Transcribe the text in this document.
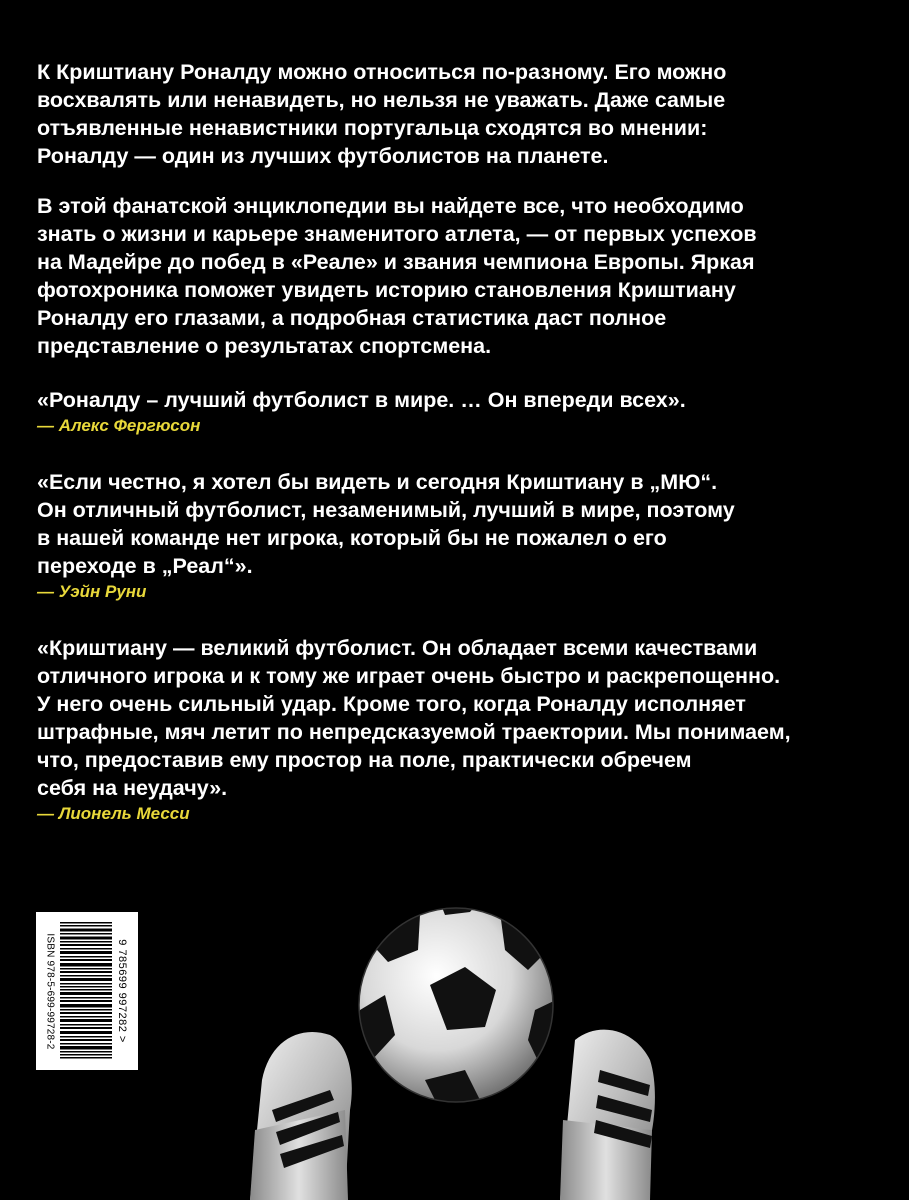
К Криштиану Роналду можно относиться по-разному. Его можно
восхвалять или ненавидеть, но нельзя не уважать. Даже самые
отъявленные ненавистники португальца сходятся во мнении:
Роналду — один из лучших футболистов на планете.

В этой фанатской энциклопедии вы найдете все, что необходимо
знать о жизни и карьере знаменитого атлета, — от первых успехов
на Мадейре до побед в «Реале» и звания чемпиона Европы. Яркая
фотохроника поможет увидеть историю становления Криштиану
Роналду его глазами, а подробная статистика даст полное
представление о результатах спортсмена.

«Роналду – лучший футболист в мире. … Он впереди всех».
— Алекс Фергюсон
«Если честно, я хотел бы видеть и сегодня Криштиану в „МЮ“.
Он отличный футболист, незаменимый, лучший в мире, поэтому
в нашей команде нет игрока, который бы не пожалел о его
переходе в „Реал“».
— Уэйн Руни
«Криштиану — великий футболист. Он обладает всеми качествами
отличного игрока и к тому же играет очень быстро и раскрепощенно.
У него очень сильный удар. Кроме того, когда Роналду исполняет
штрафные, мяч летит по непредсказуемой траектории. Мы понимаем,
что, предоставив ему простор на поле, практически обречем
себя на неудачу».
— Лионель Месси
ISBN 978-5-699-99728-2	9 785699 997282 >
